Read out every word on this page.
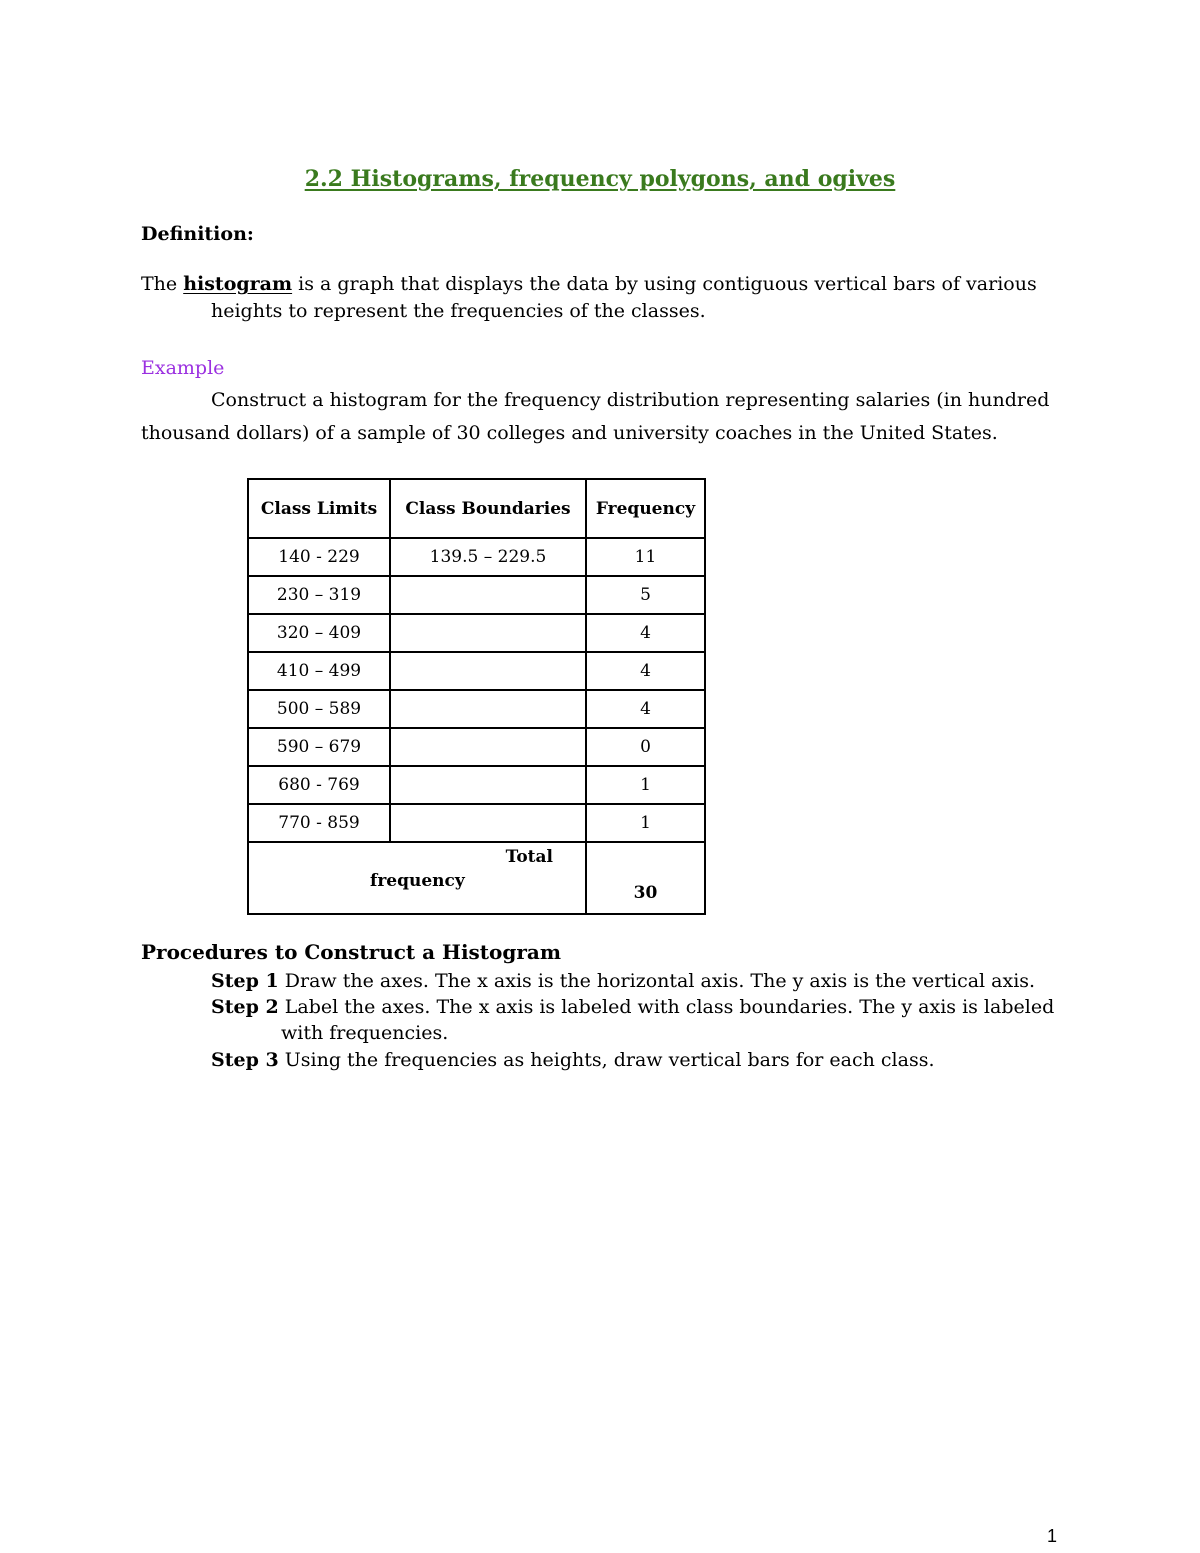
2.2 Histograms, frequency polygons, and ogives
Definition:
The histogram is a graph that displays the data by using contiguous vertical bars of various
heights to represent the frequencies of the classes.
Example
Construct a histogram for the frequency distribution representing salaries (in hundred
thousand dollars) of a sample of 30 colleges and university coaches in the United States.
Class Limits	Class Boundaries	Frequency
140 - 229	139.5 – 229.5	11
230 – 319		5
320 – 409		4
410 – 499		4
500 – 589		4
590 – 679		0
680 - 769		1
770 - 859		1

Total
frequency		30
Procedures to Construct a Histogram
Step 1 Draw the axes. The x axis is the horizontal axis. The y axis is the vertical axis.
Step 2 Label the axes. The x axis is labeled with class boundaries. The y axis is labeled
with frequencies.
Step 3 Using the frequencies as heights, draw vertical bars for each class.
1
